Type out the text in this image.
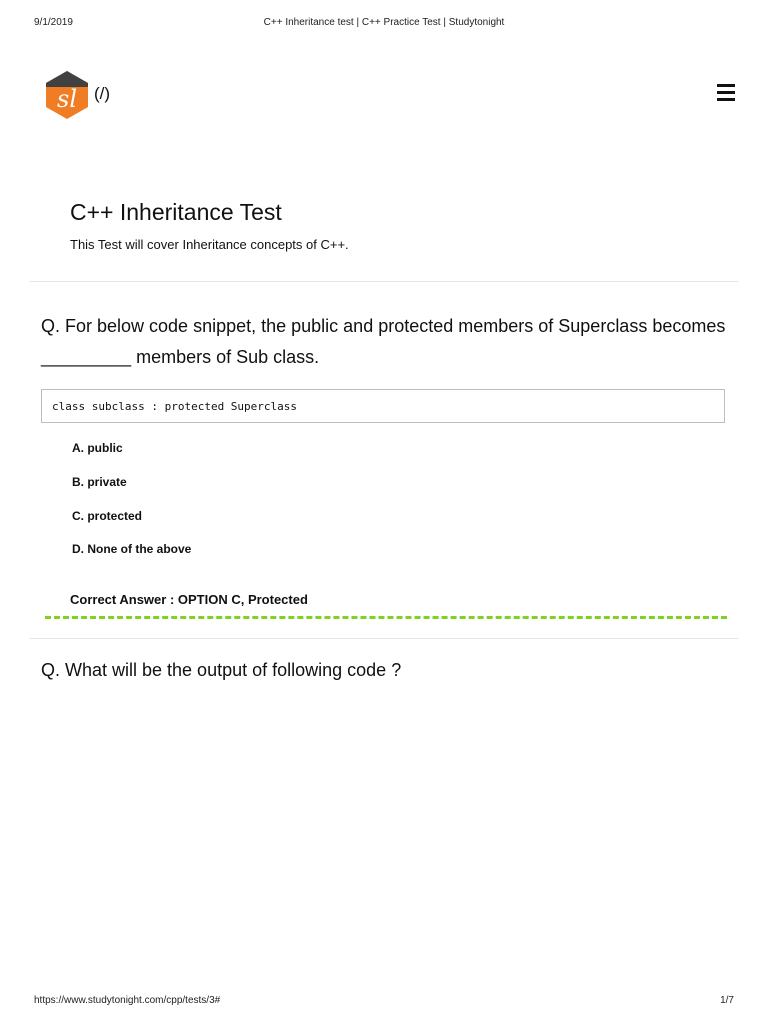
9/1/2019	C++ Inheritance test | C++ Practice Test | Studytonight
sl (/)
C++ Inheritance Test
This Test will cover Inheritance concepts of C++.
Q. For below code snippet, the public and protected members of Superclass becomes _________ members of Sub class.
class subclass : protected Superclass
A. public
B. private
C. protected
D. None of the above
Correct Answer : OPTION C, Protected
Q. What will be the output of following code ?
https://www.studytonight.com/cpp/tests/3#	1/7
